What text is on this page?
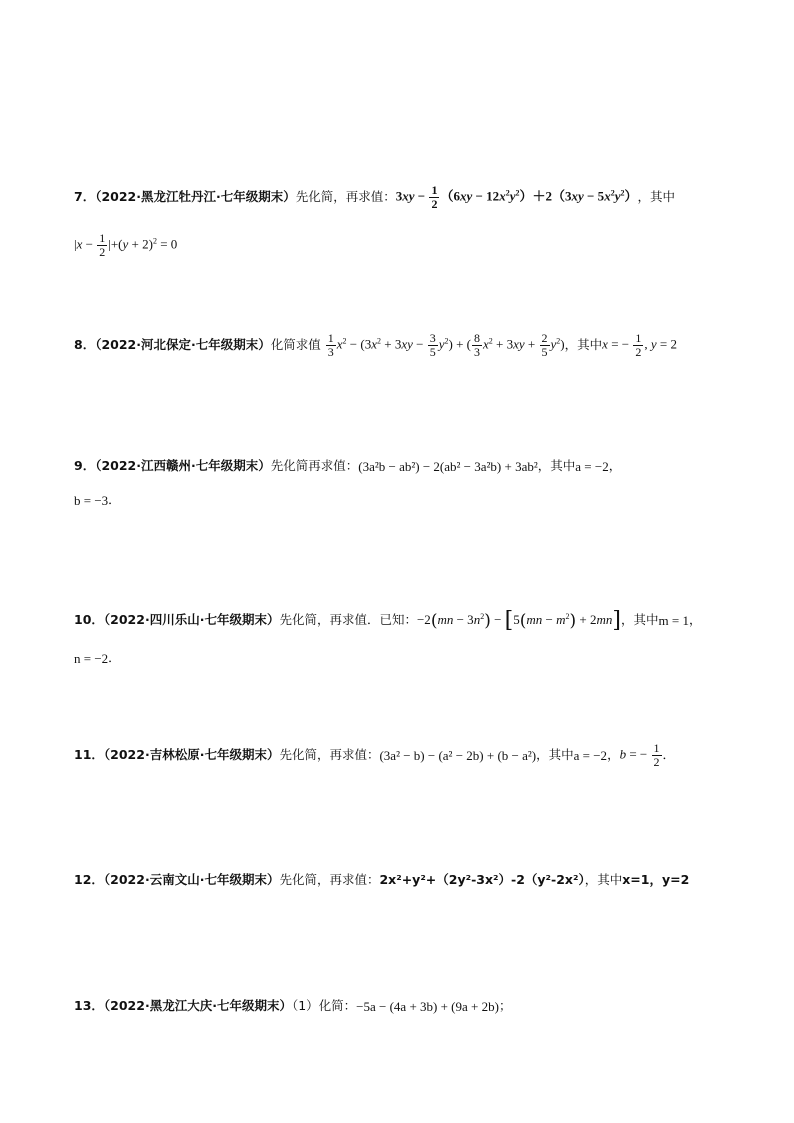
7．（2022·黑龙江牡丹江·七年级期末）先化简，再求值：$3xy - \frac{1}{2} (6xy - 12x^2y^2)+2(3xy - 5x^2y^2)$，其中
$|x - \frac{1}{2} |+(y + 2)^2 = 0$
8．（2022·河北保定·七年级期末）化简求值 $\frac{1}{3} x^2 - (3x^2 + 3xy - \frac{3}{5} y^2)$ + ( $\frac{8}{3} x^2 + 3xy + \frac{2}{5} y^2$)，其中x = − $\frac{1}{2}$ , y = 2
9．（2022·江西赣州·七年级期末）先化简再求值：(3a²b − ab²) − 2(ab² − 3a²b) + 3ab²，其中a = −2，
b = −3．
10．（2022·四川乐山·七年级期末）先化简，再求值．已知：$-2(mn - 3n^2) - [5(mn - m^2) + 2mn]$，其中m = 1，
n = −2．
11．（2022·吉林松原·七年级期末）先化简，再求值：(3a² − b) − (a² − 2b) + (b − a²)，其中a = −2，b = − $\frac{1}{2}$ ．
12．（2022·云南文山·七年级期末）先化简，再求值：2x²+y²+（2y²-3x²）-2（y²-2x²），其中x=1，y=2
13．（2022·黑龙江大庆·七年级期末）（1）化简：−5a − (4a + 3b) + (9a + 2b)；
